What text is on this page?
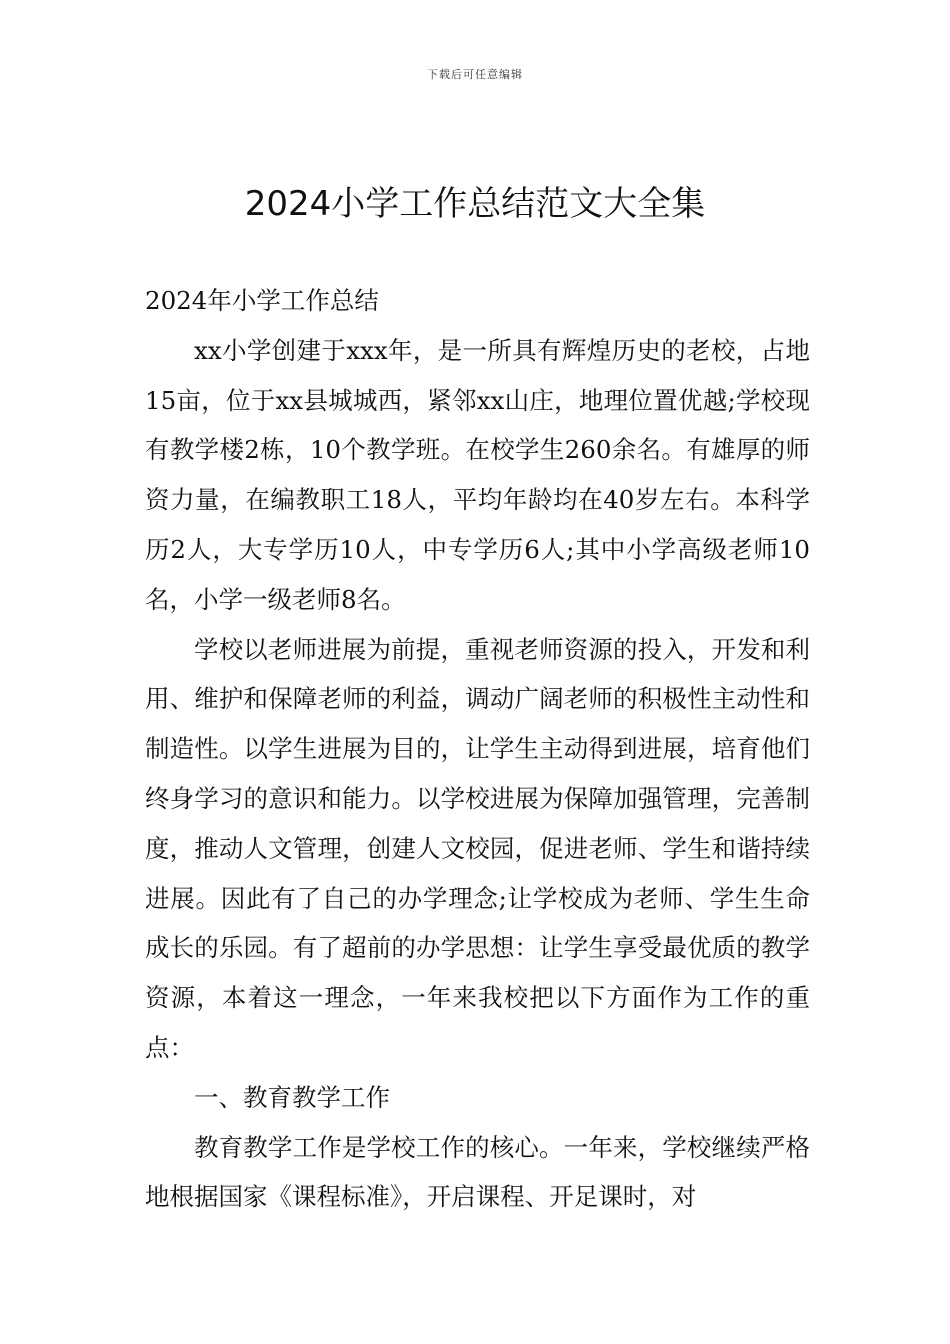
下载后可任意编辑
2024小学工作总结范文大全集

2024年小学工作总结

xx小学创建于xxx年，是一所具有辉煌历史的老校，占地15亩，位于xx县城城西，紧邻xx山庄，地理位置优越;学校现有教学楼2栋，10个教学班。在校学生260余名。有雄厚的师资力量，在编教职工18人，平均年龄均在40岁左右。本科学历2人，大专学历10人，中专学历6人;其中小学高级老师10名，小学一级老师8名。

学校以老师进展为前提，重视老师资源的投入，开发和利用、维护和保障老师的利益，调动广阔老师的积极性主动性和制造性。以学生进展为目的，让学生主动得到进展，培育他们终身学习的意识和能力。以学校进展为保障加强管理，完善制度，推动人文管理，创建人文校园，促进老师、学生和谐持续进展。因此有了自己的办学理念;让学校成为老师、学生生命成长的乐园。有了超前的办学思想：让学生享受最优质的教学资源，本着这一理念，一年来我校把以下方面作为工作的重点：

一、教育教学工作

教育教学工作是学校工作的核心。一年来，学校继续严格地根据国家《课程标准》，开启课程、开足课时，对
